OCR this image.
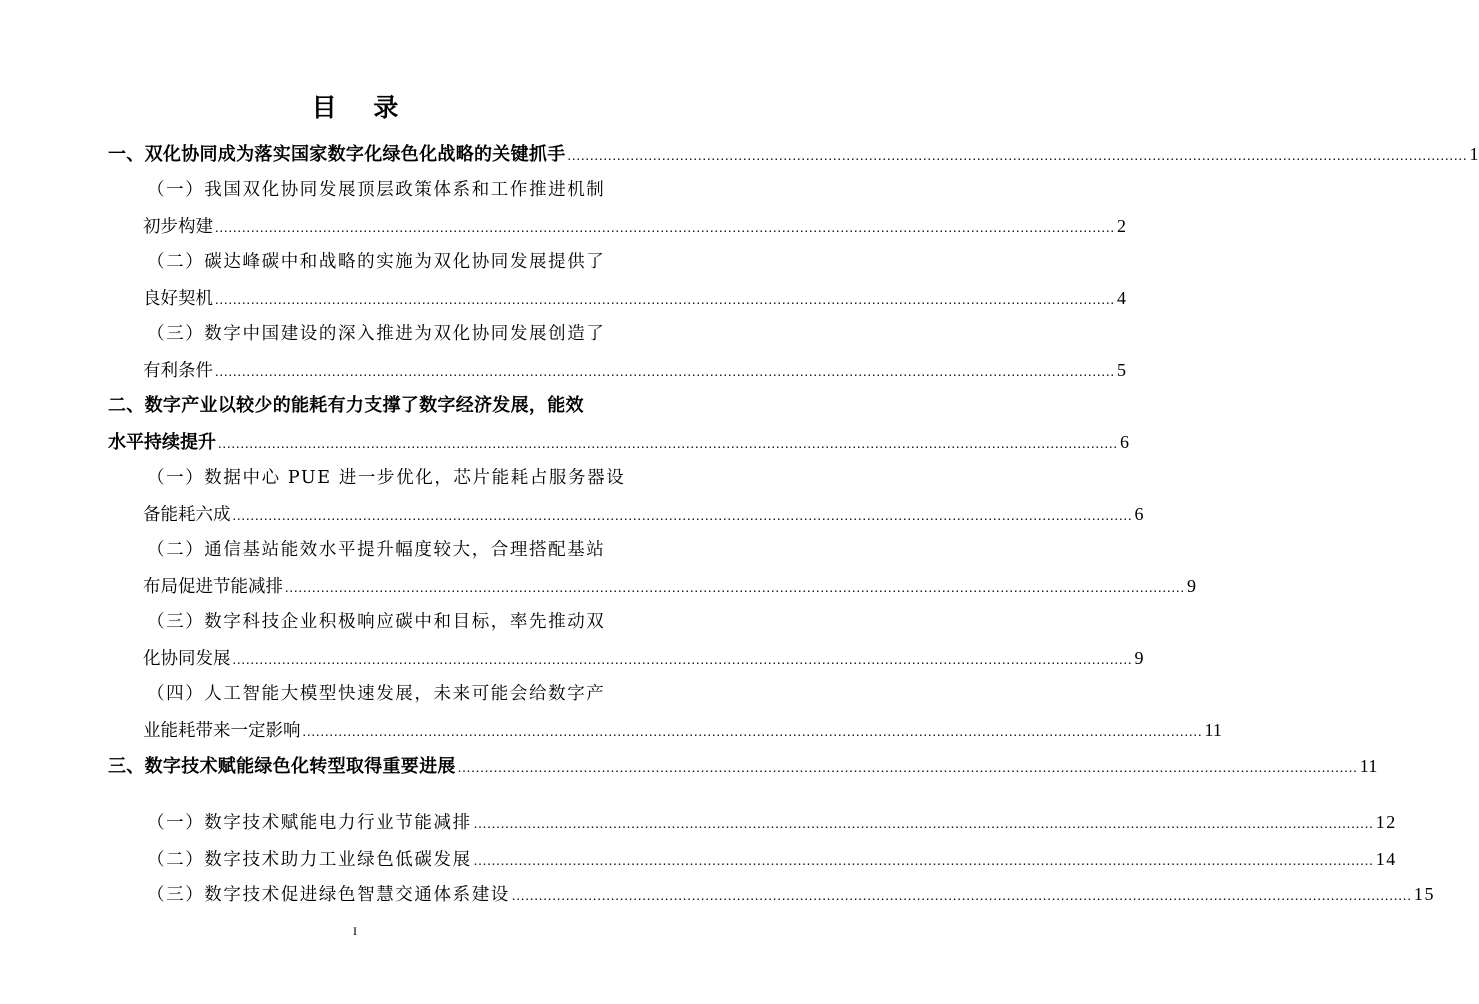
目 录
一、双化协同成为落实国家数字化绿色化战略的关键抓手 ........................................................................................................................................................................................................ 1
（一）我国双化协同发展顶层政策体系和工作推进机制
初步构建 ........................................................................................................................................................................................................ 2
（二）碳达峰碳中和战略的实施为双化协同发展提供了
良好契机 ........................................................................................................................................................................................................ 4
（三）数字中国建设的深入推进为双化协同发展创造了
有利条件 ........................................................................................................................................................................................................ 5
二、数字产业以较少的能耗有力支撑了数字经济发展，能效
水平持续提升 ........................................................................................................................................................................................................ 6
（一）数据中心 PUE 进一步优化，芯片能耗占服务器设
备能耗六成 ........................................................................................................................................................................................................ 6
（二）通信基站能效水平提升幅度较大，合理搭配基站
布局促进节能减排 ........................................................................................................................................................................................................ 9
（三）数字科技企业积极响应碳中和目标，率先推动双
化协同发展 ........................................................................................................................................................................................................ 9
（四）人工智能大模型快速发展，未来可能会给数字产
业能耗带来一定影响 ........................................................................................................................................................................................................ 11
三、数字技术赋能绿色化转型取得重要进展 ........................................................................................................................................................................................................ 11
（一）数字技术赋能电力行业节能减排 ........................................................................................................................................................................................................ 12
（二）数字技术助力工业绿色低碳发展 ........................................................................................................................................................................................................ 14
（三）数字技术促进绿色智慧交通体系建设 ........................................................................................................................................................................................................ 15
I
